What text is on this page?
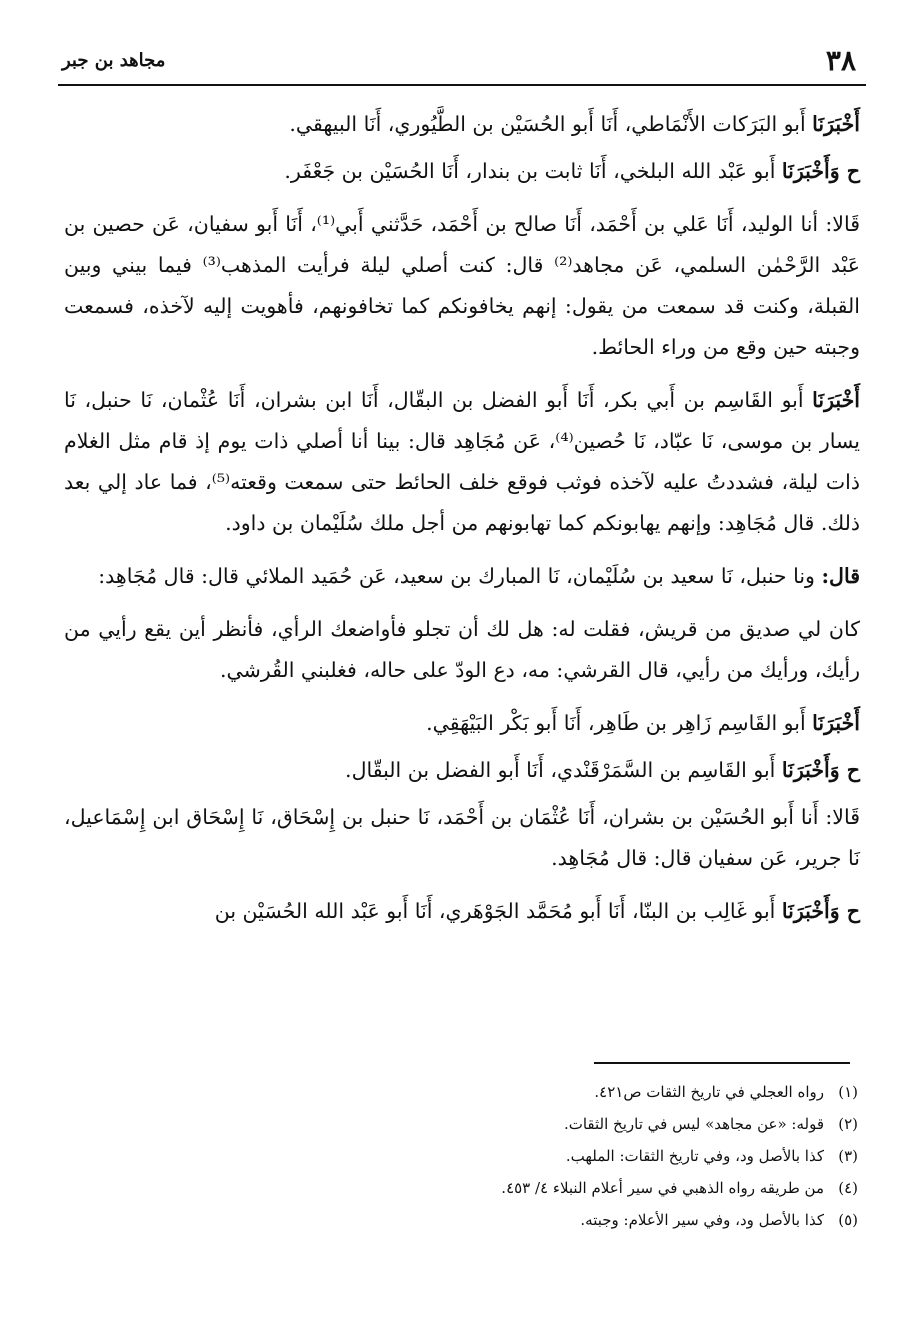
مجاهد بن جبر	٣٨

أَخْبَرَنَا أَبو البَرَكات الأَنْمَاطي، أَنَا أَبو الحُسَيْن بن الطَّيُوري، أَنَا البيهقي.

ح وَأَخْبَرَنَا أَبو عَبْد الله البلخي، أَنَا ثابت بن بندار، أَنَا الحُسَيْن بن جَعْفَر.

قَالا: أنا الوليد، أَنَا عَلي بن أَحْمَد، أَنَا صالح بن أَحْمَد، حَدَّثني أَبي⁽¹⁾، أَنَا أَبو سفيان، عَن حصين بن عَبْد الرَّحْمٰن السلمي، عَن مجاهد⁽²⁾ قال: كنت أصلي ليلة فرأيت المذهب⁽³⁾ فيما بيني وبين القبلة، وكنت قد سمعت من يقول: إنهم يخافونكم كما تخافونهم، فأهويت إليه لآخذه، فسمعت وجبته حين وقع من وراء الحائط.

أَخْبَرَنَا أَبو القَاسِم بن أَبي بكر، أَنَا أَبو الفضل بن البقّال، أَنَا ابن بشران، أَنَا عُثْمان، نَا حنبل، نَا يسار بن موسى، نَا عبّاد، نَا حُصين⁽⁴⁾، عَن مُجَاهِد قال: بينا أنا أصلي ذات يوم إذ قام مثل الغلام ذات ليلة، فشددتُ عليه لآخذه فوثب فوقع خلف الحائط حتى سمعت وقعته⁽⁵⁾، فما عاد إلي بعد ذلك. قال مُجَاهِد: وإنهم يهابونكم كما تهابونهم من أجل ملك سُلَيْمان بن داود.

قال: ونا حنبل، نَا سعيد بن سُلَيْمان، نَا المبارك بن سعيد، عَن حُمَيد الملائي قال: قال مُجَاهِد:

كان لي صديق من قريش، فقلت له: هل لك أن تجلو فأواضعك الرأي، فأنظر أين يقع رأيي من رأيك، ورأيك من رأيي، قال القرشي: مه، دع الودّ على حاله، فغلبني القُرشي.

أَخْبَرَنَا أَبو القَاسِم زَاهِر بن طَاهِر، أَنَا أَبو بَكْر البَيْهَقِي.

ح وَأَخْبَرَنَا أَبو القَاسِم بن السَّمَرْقَنْدي، أَنَا أَبو الفضل بن البقّال.

قَالا: أَنا أَبو الحُسَيْن بن بشران، أَنَا عُثْمَان بن أَحْمَد، نَا حنبل بن إِسْحَاق، نَا إِسْحَاق ابن إِسْمَاعيل، نَا جرير، عَن سفيان قال: قال مُجَاهِد.

ح وَأَخْبَرَنَا أَبو غَالِب بن البنّا، أَنَا أَبو مُحَمَّد الجَوْهَري، أَنَا أَبو عَبْد الله الحُسَيْن بن

(١)رواه العجلي في تاريخ الثقات ص٤٢١.
(٢)قوله: «عن مجاهد» ليس في تاريخ الثقات.
(٣)كذا بالأصل ود، وفي تاريخ الثقات: الملهب.
(٤)من طريقه رواه الذهبي في سير أعلام النبلاء ٤/ ٤٥٣.
(٥)كذا بالأصل ود، وفي سير الأعلام: وجبته.
